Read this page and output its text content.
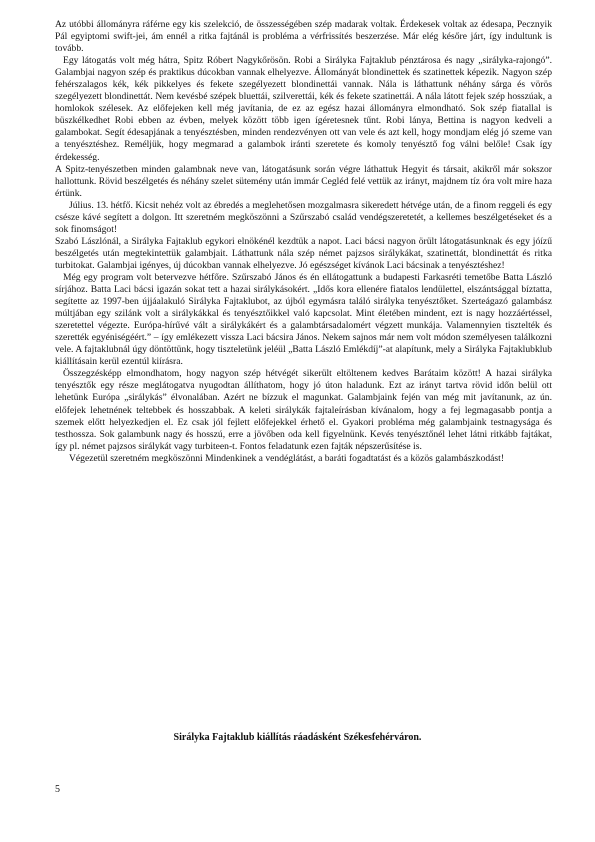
Az utóbbi állományra ráférne egy kis szelekció, de összességében szép madarak voltak. Érdekesek voltak az édesapa, Pecznyik Pál egyiptomi swift-jei, ám ennél a ritka fajtánál is probléma a vérfrissítés beszerzése. Már elég későre járt, így indultunk is tovább.

Egy látogatás volt még hátra, Spitz Róbert Nagykőrösön. Robi a Sirályka Fajtaklub pénztárosa és nagy „sirályka-rajongó”. Galambjai nagyon szép és praktikus dúcokban vannak elhelyezve. Állományát blondinettek és szatinettek képezik. Nagyon szép fehérszalagos kék, kék pikkelyes és fekete szegélyezett blondinettái vannak. Nála is láthattunk néhány sárga és vörös szegélyezett blondinettát. Nem kevésbé szépek bluettái, szilverettái, kék és fekete szatinettái. A nála látott fejek szép hosszúak, a homlokok szélesek. Az előfejeken kell még javítania, de ez az egész hazai állományra elmondható. Sok szép fiatallal is büszkélkedhet Robi ebben az évben, melyek között több igen ígéretesnek tűnt. Robi lánya, Bettina is nagyon kedveli a galambokat. Segít édesapjának a tenyésztésben, minden rendezvényen ott van vele és azt kell, hogy mondjam elég jó szeme van a tenyésztéshez. Reméljük, hogy megmarad a galambok iránti szeretete és komoly tenyésztő fog válni belőle! Csak így érdekesség.

A Spitz-tenyészetben minden galambnak neve van, látogatásunk során végre láthattuk Hegyit és társait, akikről már sokszor hallottunk. Rövid beszélgetés és néhány szelet sütemény után immár Cegléd felé vettük az irányt, majdnem tíz óra volt mire haza értünk.

Július. 13. hétfő. Kicsit nehéz volt az ébredés a meglehetősen mozgalmasra sikeredett hétvége után, de a finom reggeli és egy csésze kávé segített a dolgon. Itt szeretném megköszönni a Szűrszabó család vendégszeretetét, a kellemes beszélgetéseket és a sok finomságot!

Szabó Lászlónál, a Sirályka Fajtaklub egykori elnökénél kezdtük a napot. Laci bácsi nagyon örült látogatásunknak és egy jóízű beszélgetés után megtekintettük galambjait. Láthattunk nála szép német pajzsos sirálykákat, szatinettát, blondinettát és ritka turbitokat. Galambjai igényes, új dúcokban vannak elhelyezve. Jó egészséget kívánok Laci bácsinak a tenyésztéshez!

Még egy program volt betervezve hétfőre. Szűrszabó János és én ellátogattunk a budapesti Farkasréti temetőbe Batta László sírjához. Batta Laci bácsi igazán sokat tett a hazai sirálykásokért. „Idős kora ellenére fiatalos lendülettel, elszántsággal bíztatta, segítette az 1997-ben újjáalakuló Sirályka Fajtaklubot, az újból egymásra találó sirályka tenyésztőket. Szerteágazó galambász múltjában egy szilánk volt a sirálykákkal és tenyésztőikkel való kapcsolat. Mint életében mindent, ezt is nagy hozzáértéssel, szeretettel végezte. Európa-hírűvé vált a sirálykákért és a galambtársadalomért végzett munkája. Valamennyien tisztelték és szerették egyéniségéért.” – így emlékezett vissza Laci bácsira János. Nekem sajnos már nem volt módon személyesen találkozni vele. A fajtaklubnál úgy döntöttünk, hogy tiszteletünk jeléül „Batta László Emlékdíj”-at alapítunk, mely a Sirályka Fajtaklubklub kiállításain kerül ezentúl kiírásra.

Összegzésképp elmondhatom, hogy nagyon szép hétvégét sikerült eltöltenem kedves Barátaim között! A hazai sirályka tenyésztők egy része meglátogatva nyugodtan állíthatom, hogy jó úton haladunk. Ezt az irányt tartva rövid időn belül ott lehetünk Európa „sirálykás” élvonalában. Azért ne bízzuk el magunkat. Galambjaink fején van még mit javítanunk, az ún. előfejek lehetnének teltebbek és hosszabbak. A keleti sirálykák fajtaleírásban kívánalom, hogy a fej legmagasabb pontja a szemek előtt helyezkedjen el. Ez csak jól fejlett előfejekkel érhető el. Gyakori probléma még galambjaink testnagysága és testhossza. Sok galambunk nagy és hosszú, erre a jövőben oda kell figyelnünk. Kevés tenyésztőnél lehet látni ritkább fajtákat, így pl. német pajzsos sirálykát vagy turbiteen-t. Fontos feladatunk ezen fajták népszerűsítése is.

Végezetül szeretném megköszönni Mindenkinek a vendéglátást, a baráti fogadtatást és a közös galambászkodást!

Sirályka Fajtaklub kiállítás ráadásként Székesfehérváron.
5
